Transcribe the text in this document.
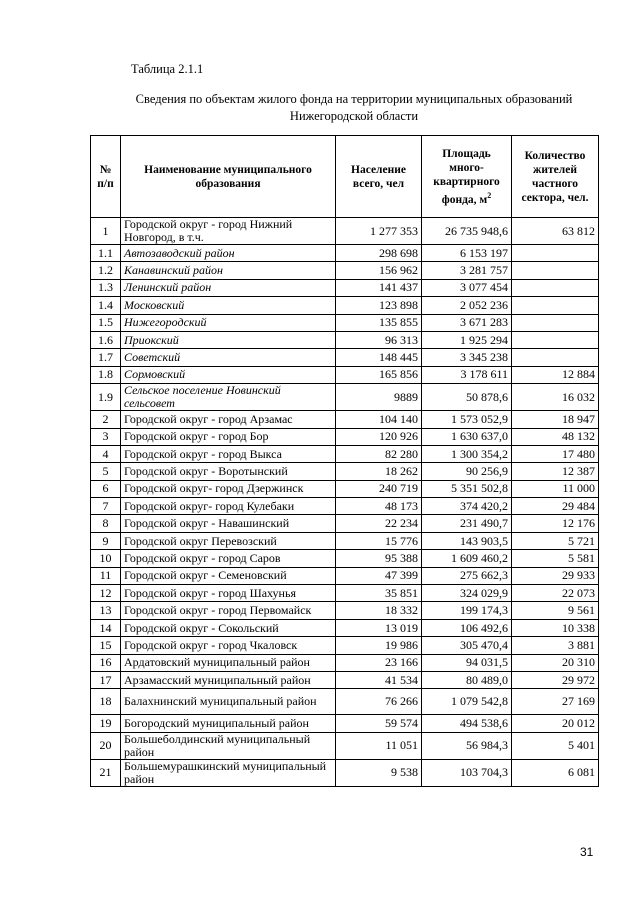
Таблица 2.1.1
Сведения по объектам жилого фонда на территории муниципальных образований
Нижегородской области
№ п/п	Наименование муниципального образования	Население всего, чел	Площадь много-квартирного фонда, $м^2$	Количество жителей частного сектора, чел.
1	Городской округ - город Нижний Новгород, в т.ч.	1 277 353	26 735 948,6	63 812
1.1	Автозаводский район	298 698	6 153 197	
1.2	Канавинский район	156 962	3 281 757	
1.3	Ленинский район	141 437	3 077 454	
1.4	Московский	123 898	2 052 236	
1.5	Нижегородский	135 855	3 671 283	
1.6	Приокский	96 313	1 925 294	
1.7	Советский	148 445	3 345 238	
1.8	Сормовский	165 856	3 178 611	12 884
1.9	Сельское поселение Новинский сельсовет	9889	50 878,6	16 032
2	Городской округ - город Арзамас	104 140	1 573 052,9	18 947
3	Городской округ - город Бор	120 926	1 630 637,0	48 132
4	Городской округ - город Выкса	82 280	1 300 354,2	17 480
5	Городской округ - Воротынский	18 262	90 256,9	12 387
6	Городской округ- город Дзержинск	240 719	5 351 502,8	11 000
7	Городской округ- город Кулебаки	48 173	374 420,2	29 484
8	Городской округ - Навашинский	22 234	231 490,7	12 176
9	Городской округ Перевозский	15 776	143 903,5	5 721
10	Городской округ - город Саров	95 388	1 609 460,2	5 581
11	Городской округ - Семеновский	47 399	275 662,3	29 933
12	Городской округ - город Шахунья	35 851	324 029,9	22 073
13	Городской округ - город Первомайск	18 332	199 174,3	9 561
14	Городской округ - Сокольский	13 019	106 492,6	10 338
15	Городской округ - город Чкаловск	19 986	305 470,4	3 881
16	Ардатовский муниципальный район	23 166	94 031,5	20 310
17	Арзамасский муниципальный район	41 534	80 489,0	29 972
18	Балахнинский муниципальный район	76 266	1 079 542,8	27 169
19	Богородский муниципальный район	59 574	494 538,6	20 012
20	Большеболдинский муниципальный район	11 051	56 984,3	5 401
21	Большемурашкинский муниципальный район	9 538	103 704,3	6 081
31
